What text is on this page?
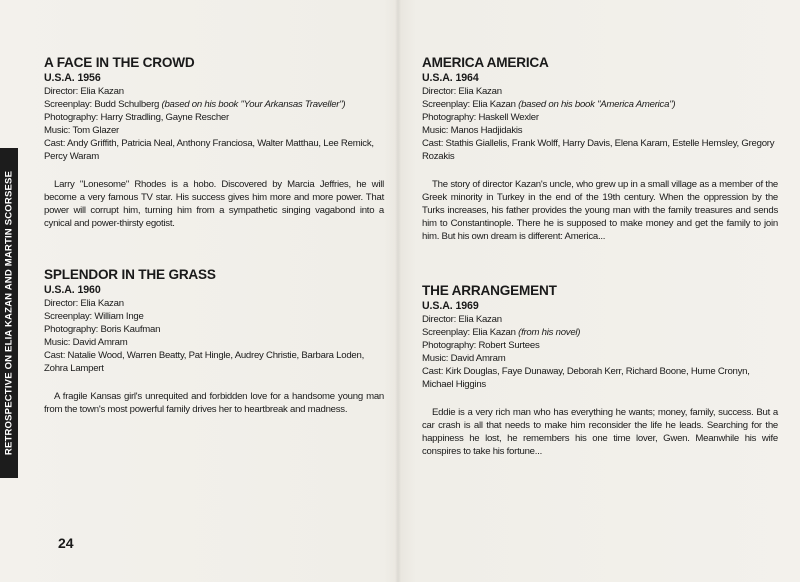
RETROSPECTIVE ON ELIA KAZAN AND MARTIN SCORSESE
A FACE IN THE CROWD

U.S.A. 1956

Director: Elia Kazan

Screenplay: Budd Schulberg (based on his book "Your Arkansas Traveller")

Photography: Harry Stradling, Gayne Rescher

Music: Tom Glazer

Cast: Andy Griffith, Patricia Neal, Anthony Franciosa, Walter Matthau, Lee Remick, Percy Waram

Larry "Lonesome" Rhodes is a hobo. Discovered by Marcia Jeffries, he will become a very famous TV star. His success gives him more and more power. That power will corrupt him, turning him from a sympathetic singing vagabond into a cynical and power-thirsty egotist.

SPLENDOR IN THE GRASS

U.S.A. 1960

Director: Elia Kazan

Screenplay: William Inge

Photography: Boris Kaufman

Music: David Amram

Cast: Natalie Wood, Warren Beatty, Pat Hingle, Audrey Christie, Barbara Loden, Zohra Lampert

A fragile Kansas girl's unrequited and forbidden love for a handsome young man from the town's most powerful family drives her to heartbreak and madness.

AMERICA AMERICA

U.S.A. 1964

Director: Elia Kazan

Screenplay: Elia Kazan (based on his book "America America")

Photography: Haskell Wexler

Music: Manos Hadjidakis

Cast: Stathis Giallelis, Frank Wolff, Harry Davis, Elena Karam, Estelle Hemsley, Gregory Rozakis

The story of director Kazan's uncle, who grew up in a small village as a member of the Greek minority in Turkey in the end of the 19th century. When the oppression by the Turks increases, his father provides the young man with the family treasures and sends him to Constantinople. There he is supposed to make money and get the family to join him. But his own dream is different: America...

THE ARRANGEMENT

U.S.A. 1969

Director: Elia Kazan

Screenplay: Elia Kazan (from his novel)

Photography: Robert Surtees

Music: David Amram

Cast: Kirk Douglas, Faye Dunaway, Deborah Kerr, Richard Boone, Hume Cronyn, Michael Higgins

Eddie is a very rich man who has everything he wants; money, family, success. But a car crash is all that needs to make him reconsider the life he leads. Searching for the happiness he lost, he remembers his one time lover, Gwen. Meanwhile his wife conspires to take his fortune...

24
